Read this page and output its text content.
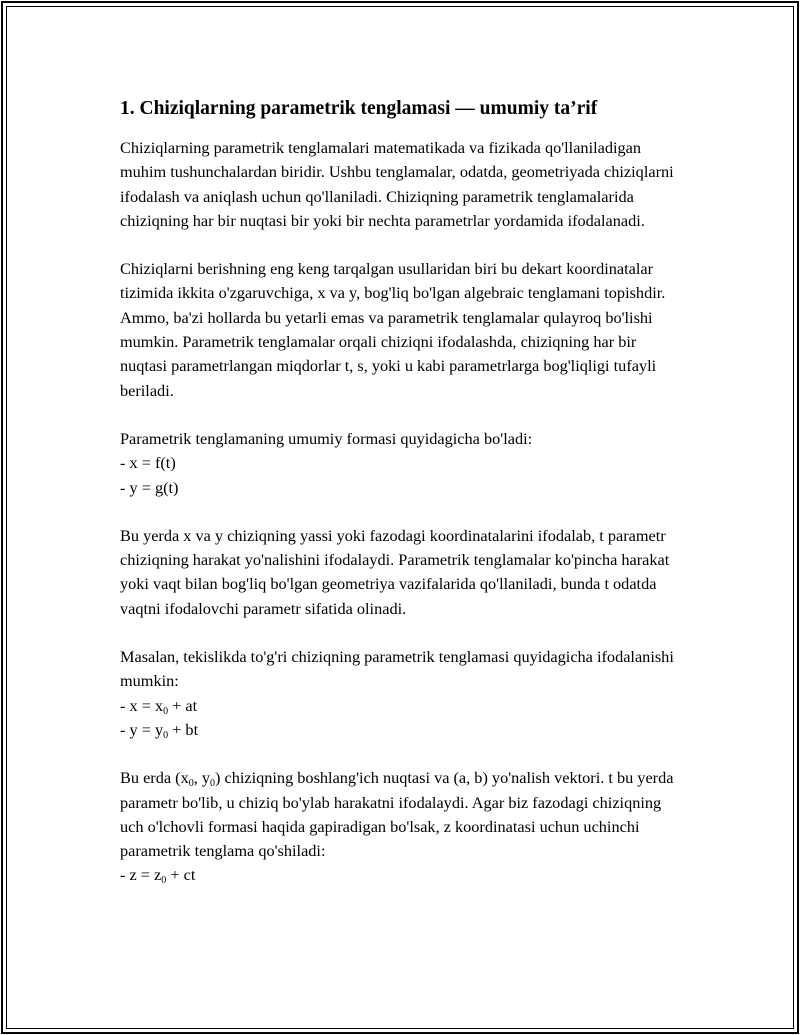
1. Chiziqlarning parametrik tenglamasi — umumiy ta’rif

Chiziqlarning parametrik tenglamalari matematikada va fizikada qo'llaniladigan muhim tushunchalardan biridir. Ushbu tenglamalar, odatda, geometriyada chiziqlarni ifodalash va aniqlash uchun qo'llaniladi. Chiziqning parametrik tenglamalarida chiziqning har bir nuqtasi bir yoki bir nechta parametrlar yordamida ifodalanadi.

Chiziqlarni berishning eng keng tarqalgan usullaridan biri bu dekart koordinatalar tizimida ikkita o'zgaruvchiga, x va y, bog'liq bo'lgan algebraic tenglamani topishdir. Ammo, ba'zi hollarda bu yetarli emas va parametrik tenglamalar qulayroq bo'lishi mumkin. Parametrik tenglamalar orqali chiziqni ifodalashda, chiziqning har bir nuqtasi parametrlangan miqdorlar t, s, yoki u kabi parametrlarga bog'liqligi tufayli beriladi.

Parametrik tenglamaning umumiy formasi quyidagicha bo'ladi:
- x = f(t)
- y = g(t)

Bu yerda x va y chiziqning yassi yoki fazodagi koordinatalarini ifodalab, t parametr chiziqning harakat yo'nalishini ifodalaydi. Parametrik tenglamalar ko'pincha harakat yoki vaqt bilan bog'liq bo'lgan geometriya vazifalarida qo'llaniladi, bunda t odatda vaqtni ifodalovchi parametr sifatida olinadi.

Masalan, tekislikda to'g'ri chiziqning parametrik tenglamasi quyidagicha ifodalanishi mumkin:
- $x = x_0$ + at
- $y = y_0$ + bt

Bu erda ($x_0$, $y_0$) chiziqning boshlang'ich nuqtasi va (a, b) yo'nalish vektori. t bu yerda parametr bo'lib, u chiziq bo'ylab harakatni ifodalaydi. Agar biz fazodagi chiziqning uch o'lchovli formasi haqida gapiradigan bo'lsak, z koordinatasi uchun uchinchi parametrik tenglama qo'shiladi:
- $z = z_0$ + ct
